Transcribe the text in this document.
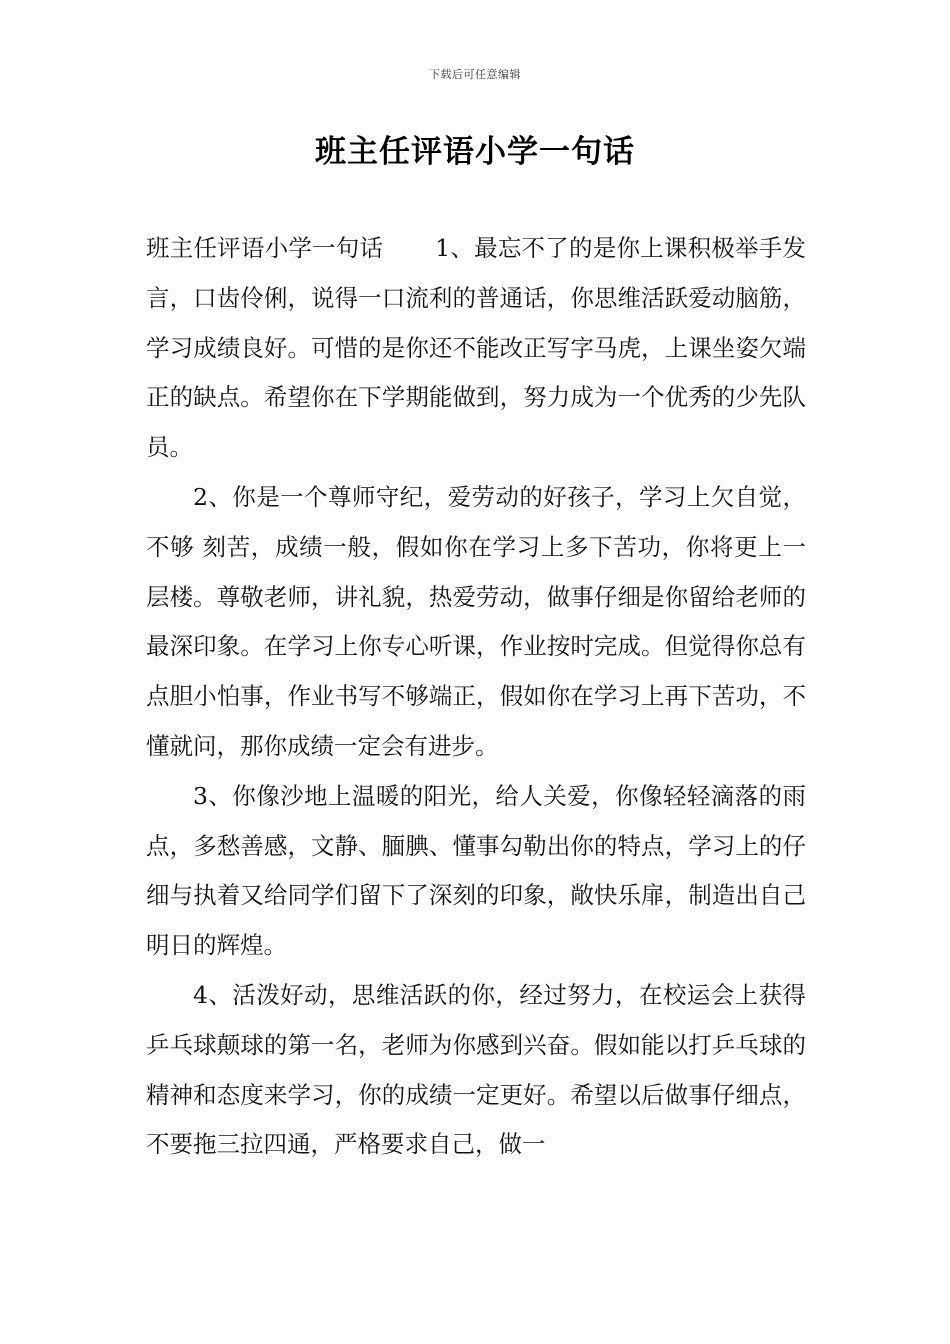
下载后可任意编辑
班主任评语小学一句话

班主任评语小学一句话 1、最忘不了的是你上课积极举手发言，口齿伶俐，说得一口流利的普通话，你思维活跃爱动脑筋，学习成绩良好。可惜的是你还不能改正写字马虎，上课坐姿欠端正的缺点。希望你在下学期能做到，努力成为一个优秀的少先队员。

2、你是一个尊师守纪，爱劳动的好孩子，学习上欠自觉，不够 刻苦，成绩一般，假如你在学习上多下苦功，你将更上一层楼。尊敬老师，讲礼貌，热爱劳动，做事仔细是你留给老师的最深印象。在学习上你专心听课，作业按时完成。但觉得你总有点胆小怕事，作业书写不够端正，假如你在学习上再下苦功，不懂就问，那你成绩一定会有进步。

3、你像沙地上温暖的阳光，给人关爱，你像轻轻滴落的雨点，多愁善感，文静、腼腆、懂事勾勒出你的特点，学习上的仔细与执着又给同学们留下了深刻的印象，敞快乐扉，制造出自己明日的辉煌。

4、活泼好动，思维活跃的你，经过努力，在校运会上获得乒乓球颠球的第一名，老师为你感到兴奋。假如能以打乒乓球的精神和态度来学习，你的成绩一定更好。希望以后做事仔细点，不要拖三拉四通，严格要求自己，做一
